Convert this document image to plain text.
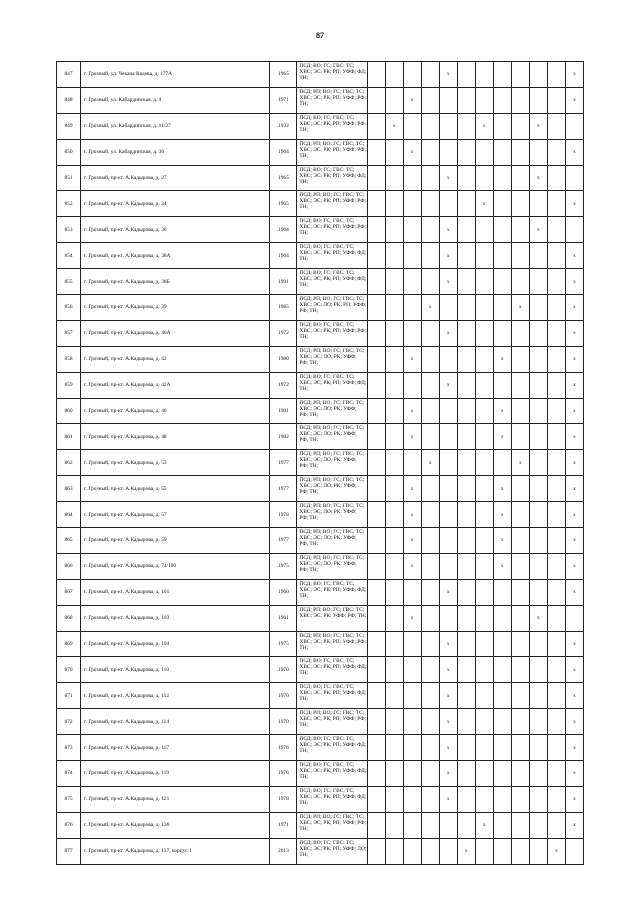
87
847	г. Грозный, ул. Чекана Кадева, д. 177А	1965	ПСД; ВО; ГС; ГВС; ТС; ХВС; ЭС; РК; РП; УФФ; ФД; ТН;					x							x
848	г. Грозный, ул. Кабардинская, д. 4	1971	ПСД; РП; ВО; ГС; ГВС; ТС; ХВС; ЭС; РК; РП; УФФ; РФ; ТН;			x									x
849	г. Грозный, ул. Кабардинская, д. 11/27	1932	ПСД; ВО; ГС; ГВС; ТС; ХВС; ЭС; РК; РП; УФФ; РФ; ТН;		x					x			x		
850	г. Грозный, ул. Кабардинская, д. 36	1964	ПСД; РП; ВО; ГС; ГВС; ТС; ХВС; ЭС; РК; РП; УФФ; РФ; ТН;			x									x
851	г. Грозный, пр-кт. А.Кадырова, д. 27	1965	ПСД; ВО; ГС; ГВС; ТС; ХВС; ЭС; РК; РП; УФФ; ФД; ТН;					x					x		
852	г. Грозный, пр-кт. А.Кадырова, д. 34	1965	ПСД; РП; ВО; ГС; ГВС; ТС; ХВС; ЭС; РК; РП; УФФ; РФ; ТН;							x					x
853	г. Грозный, пр-кт. А.Кадырова, д. 36	1964	ПСД; ВО; ГС; ГВС; ТС; ХВС; ЭС; РК; РП; УФФ; РФ; ТН;					x					x		
854	г. Грозный, пр-кт. А.Кадырова, д. 38А	1964	ПСД; ВО; ГС; ГВС; ТС; ХВС; ЭС; РК; РП; УФФ; ФД; ТН;					x							x
855	г. Грозный, пр-кт. А.Кадырова, д. 38Б	1991	ПСД; ВО; ГС; ГВС; ТС; ХВС; ЭС; РК; РП; УФФ; ФД; ТН;					x							x
856	г. Грозный, пр-кт. А.Кадырова, д. 39	1985	ПСД; РП; ВО; ГС; ГВС; ТС; ХВС; ЭС; ЛО; РК; РП; УФФ; РФ; ТН;				x					x			x
857	г. Грозный, пр-кт. А.Кадырова, д. 40А	1972	ПСД; ВО; ГС; ГВС; ТС; ХВС; ЭС; РК; РП; УФФ; РФ; ТН;					x							x
858	г. Грозный, пр-кт. А.Кадырова, д. 42	1980	ПСД; РП; ВО; ГС; ГВС; ТС; ХВС; ЭС; ЛО; РК; УФФ; РФ; ТН;			x					x				x
859	г. Грозный, пр-кт. А.Кадырова, д. 42А	1972	ПСД; ВО; ГС; ГВС; ТС; ХВС; ЭС; РК; РП; УФФ; ФД; ТН;					x							x
860	г. Грозный, пр-кт. А.Кадырова, д. 46	1981	ПСД; РП; ВО; ГС; ГВС; ТС; ХВС; ЭС; ЛО; РК; УФФ; РФ; ТН;			x					x				x
861	г. Грозный, пр-кт. А.Кадырова, д. 48	1982	ПСД; РП; ВО; ГС; ГВС; ТС; ХВС; ЭС; ЛО; РК; УФФ; РФ; ТН;			x					x				x
862	г. Грозный, пр-кт. А.Кадырова, д. 53	1977	ПСД; РП; ВО; ГС; ГВС; ТС; ХВС; ЭС; ЛО; РК; УФФ; РФ; ТН;				x					x			x
863	г. Грозный, пр-кт. А.Кадырова, д. 55	1977	ПСД; РП; ВО; ГС; ГВС; ТС; ХВС; ЭС; ЛО; РК; УФФ; РФ; ТН;			x					x				x
864	г. Грозный, пр-кт. А.Кадырова, д. 57	1978	ПСД; РП; ВО; ГС; ГВС; ТС; ХВС; ЭС; ЛО; РК; УФФ; РФ; ТН;			x					x				x
865	г. Грозный, пр-кт. А.Кадырова, д. 59	1977	ПСД; РП; ВО; ГС; ГВС; ТС; ХВС; ЭС; ЛО; РК; УФФ; РФ; ТН;			x					x				x
866	г. Грозный, пр-кт. А.Кадырова, д. 74/100	1975	ПСД; РП; ВО; ГС; ГВС; ТС; ХВС; ЭС; ЛО; РК; УФФ; РФ; ТН;			x					x				x
867	г. Грозный, пр-кт. А.Кадырова, д. 101	1960	ПСД; ВО; ГС; ГВС; ТС; ХВС; ЭС; РК; РП; УФФ; ФД; ТН;					x							x
868	г. Грозный, пр-кт. А.Кадырова, д. 103	1961	ПСД; РП; ВО; ГС; ГВС; ТС; ХВС; ЭС; РК; УФФ; РФ; ТН;			x							x		
869	г. Грозный, пр-кт. А.Кадырова, д. 104	1975	ПСД; РП; ВО; ГС; ГВС; ТС; ХВС; ЭС; РК; РП; УФФ; РФ; ТН;					x							x
870	г. Грозный, пр-кт. А.Кадырова, д. 110	1970	ПСД; ВО; ГС; ГВС; ТС; ХВС; ЭС; РК; РП; УФФ; ФД; ТН;					x							x
871	г. Грозный, пр-кт. А.Кадырова, д. 112	1970	ПСД; ВО; ГС; ГВС; ТС; ХВС; ЭС; РК; РП; УФФ; ФД; ТН;					x							x
872	г. Грозный, пр-кт. А.Кадырова, д. 114	1970	ПСД; РП; ВО; ГС; ГВС; ТС; ХВС; ЭС; РК; РП; УФФ; РФ; ТН;					x							x
873	г. Грозный, пр-кт. А.Кадырова, д. 117	1976	ПСД; ВО; ГС; ГВС; ТС; ХВС; ЭС; РК; РП; УФФ; ФД; ТН;					x							x
874	г. Грозный, пр-кт. А.Кадырова, д. 119	1976	ПСД; ВО; ГС; ГВС; ТС; ХВС; ЭС; РК; РП; УФФ; ФД; ТН;					x							x
875	г. Грозный, пр-кт. А.Кадырова, д. 121	1978	ПСД; ВО; ГС; ГВС; ТС; ХВС; ЭС; РК; РП; УФФ; ФД; ТН;					x							x
876	г. Грозный, пр-кт. А.Кадырова, д. 136	1971	ПСД; РП; ВО; ГС; ГВС; ТС; ХВС; ЭС; РК; РП; УФФ; РФ; ТН;							x					x
877	г. Грозный, пр-кт. А.Кадырова, д. 137, корпус 1	2013	ПСД; ВО; ГС; ГВС; ТС; ХВС; ЭС; РК; РП; УФФ; ЛО; ТН;						x					x	
